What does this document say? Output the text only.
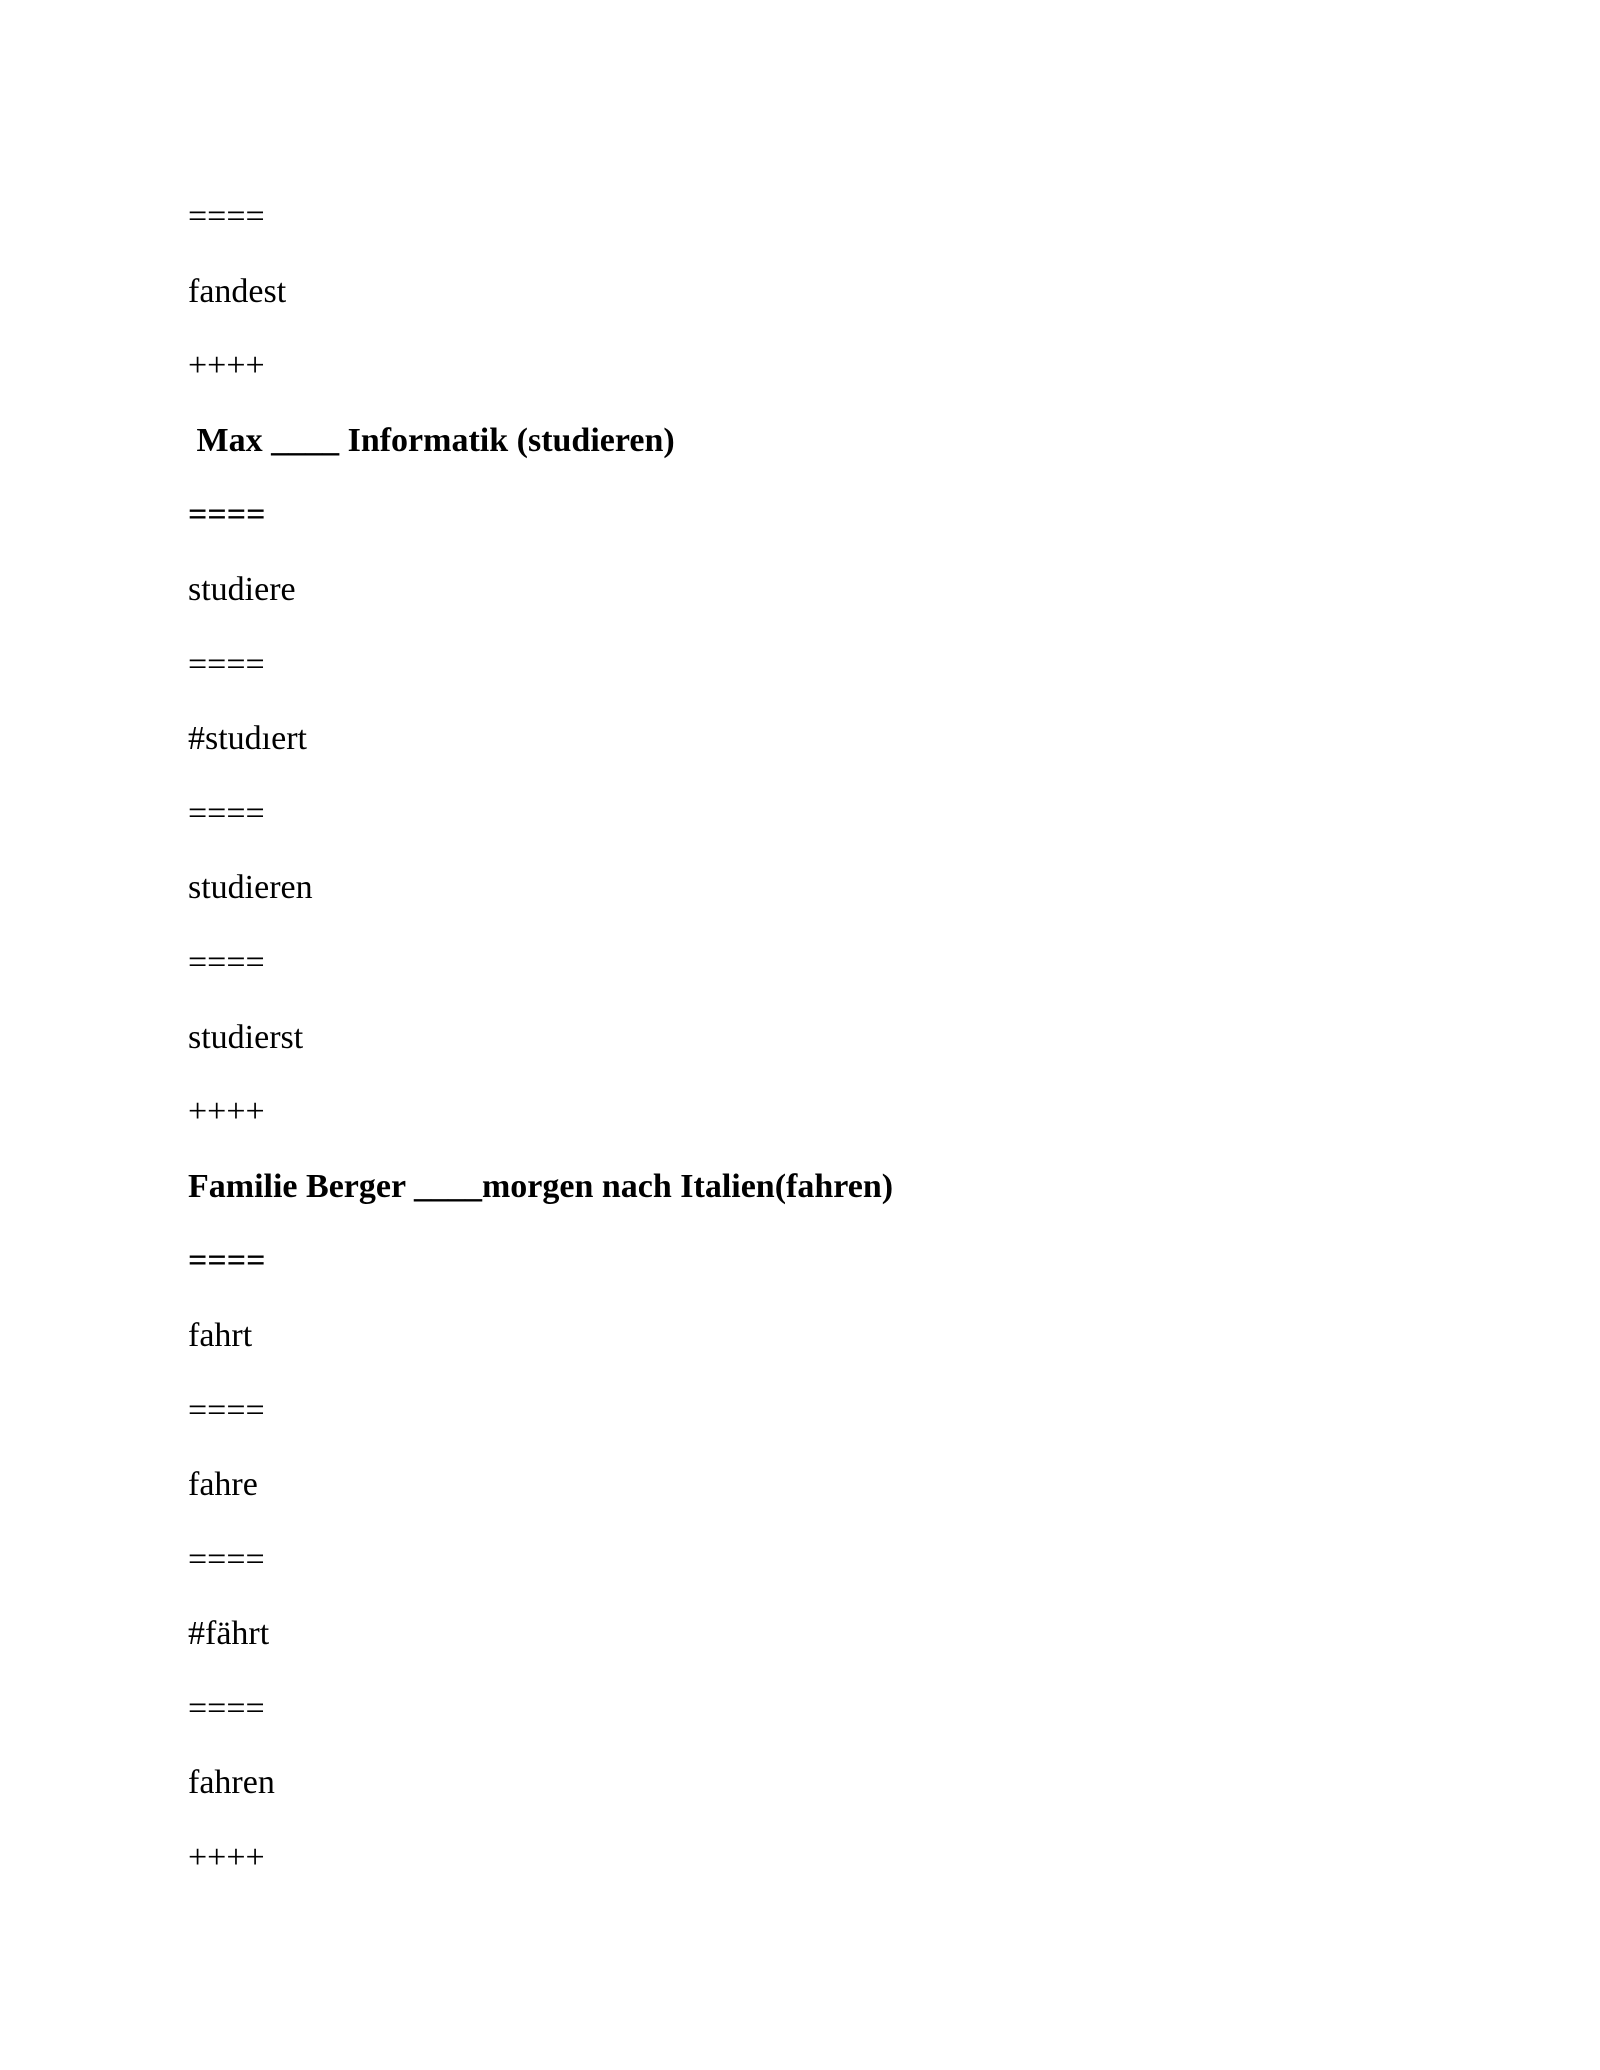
====
fandest
++++
Max ____ Informatik (studieren)
====
studiere
====
#studıert
====
studieren
====
studierst
++++
Familie Berger ____morgen nach Italien(fahren)
====
fahrt
====
fahre
====
#fährt
====
fahren
++++
